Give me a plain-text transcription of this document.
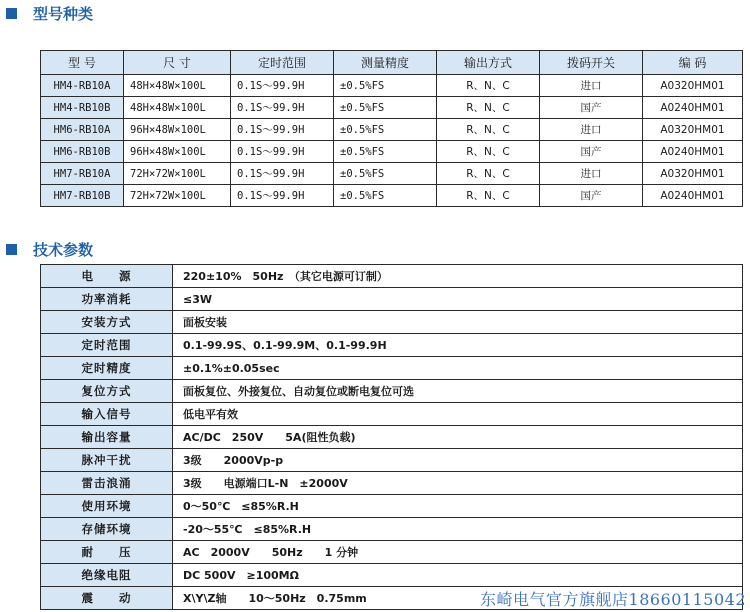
型号种类
型 号	尺 寸	定时范围	测量精度	输出方式	拨码开关	编 码
HM4-RB10A	48H×48W×100L	0.1S～99.9H	±0.5%FS	R、N、C	进口	A0320HM01
HM4-RB10B	48H×48W×100L	0.1S～99.9H	±0.5%FS	R、N、C	国产	A0240HM01
HM6-RB10A	96H×48W×100L	0.1S～99.9H	±0.5%FS	R、N、C	进口	A0320HM01
HM6-RB10B	96H×48W×100L	0.1S～99.9H	±0.5%FS	R、N、C	国产	A0240HM01
HM7-RB10A	72H×72W×100L	0.1S～99.9H	±0.5%FS	R、N、C	进口	A0320HM01
HM7-RB10B	72H×72W×100L	0.1S～99.9H	±0.5%FS	R、N、C	国产	A0240HM01
技术参数
电　　源	220±10%　50Hz　（其它电源可订制）
功率消耗	≤3W
安装方式	面板安装
定时范围	0.1-99.9S、0.1-99.9M、0.1-99.9H
定时精度	±0.1%±0.05sec
复位方式	面板复位、外接复位、自动复位或断电复位可选
输入信号	低电平有效
输出容量	AC/DC　250V　　5A(阻性负载)
脉冲干扰	3级　　2000Vp-p
雷击浪涌	3级　　电源端口L-N　±2000V
使用环境	0～50℃　≤85%R.H
存储环境	-20～55℃　≤85%R.H
耐　　压	AC　2000V　　50Hz　　1 分钟
绝缘电阻	DC 500V　≥100MΩ
震　　动	X\Y\Z轴　　10～50Hz　0.75mm	东崎电气官方旗舰店18660115042
